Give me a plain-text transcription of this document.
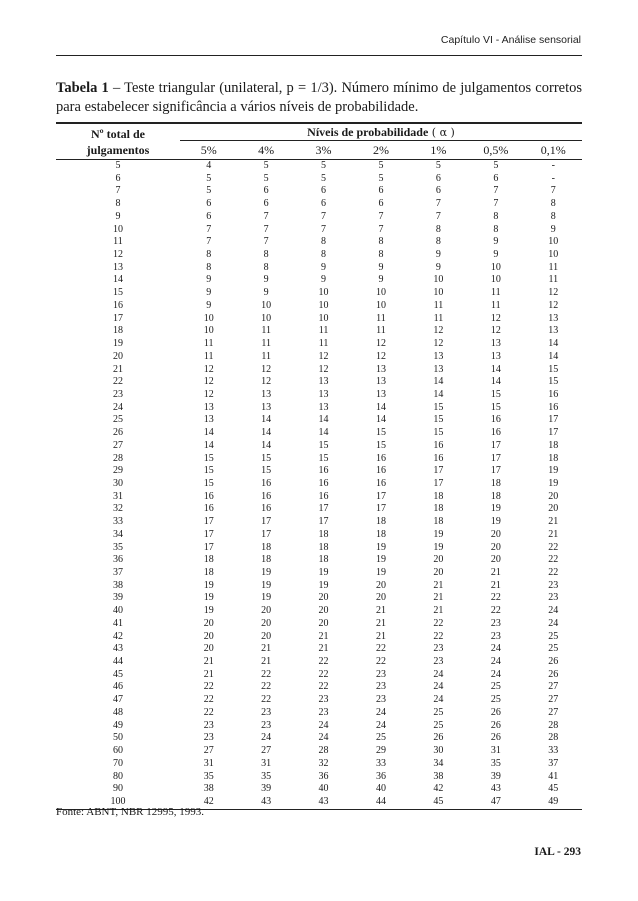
Capítulo VI - Análise sensorial
Tabela 1 – Teste triangular (unilateral, p = 1/3). Número mínimo de julgamentos corretos para estabelecer significância a vários níveis de probabilidade.
Nº total de
julgamentos	Níveis de probabilidade ( α )						
	5%	4%	3%	2%	1%	0,5%	0,1%
5	4	5	5	5	5	5	-
6	5	5	5	5	6	6	-
7	5	6	6	6	6	7	7
8	6	6	6	6	7	7	8
9	6	7	7	7	7	8	8
10	7	7	7	7	8	8	9
11	7	7	8	8	8	9	10
12	8	8	8	8	9	9	10
13	8	8	9	9	9	10	11
14	9	9	9	9	10	10	11
15	9	9	10	10	10	11	12
16	9	10	10	10	11	11	12
17	10	10	10	11	11	12	13
18	10	11	11	11	12	12	13
19	11	11	11	12	12	13	14
20	11	11	12	12	13	13	14
21	12	12	12	13	13	14	15
22	12	12	13	13	14	14	15
23	12	13	13	13	14	15	16
24	13	13	13	14	15	15	16
25	13	14	14	14	15	16	17
26	14	14	14	15	15	16	17
27	14	14	15	15	16	17	18
28	15	15	15	16	16	17	18
29	15	15	16	16	17	17	19
30	15	16	16	16	17	18	19
31	16	16	16	17	18	18	20
32	16	16	17	17	18	19	20
33	17	17	17	18	18	19	21
34	17	17	18	18	19	20	21
35	17	18	18	19	19	20	22
36	18	18	18	19	20	20	22
37	18	19	19	19	20	21	22
38	19	19	19	20	21	21	23
39	19	19	20	20	21	22	23
40	19	20	20	21	21	22	24
41	20	20	20	21	22	23	24
42	20	20	21	21	22	23	25
43	20	21	21	22	23	24	25
44	21	21	22	22	23	24	26
45	21	22	22	23	24	24	26
46	22	22	22	23	24	25	27
47	22	22	23	23	24	25	27
48	22	23	23	24	25	26	27
49	23	23	24	24	25	26	28
50	23	24	24	25	26	26	28
60	27	27	28	29	30	31	33
70	31	31	32	33	34	35	37
80	35	35	36	36	38	39	41
90	38	39	40	40	42	43	45
100	42	43	43	44	45	47	49
Fonte: ABNT, NBR 12995, 1993.
IAL - 293
